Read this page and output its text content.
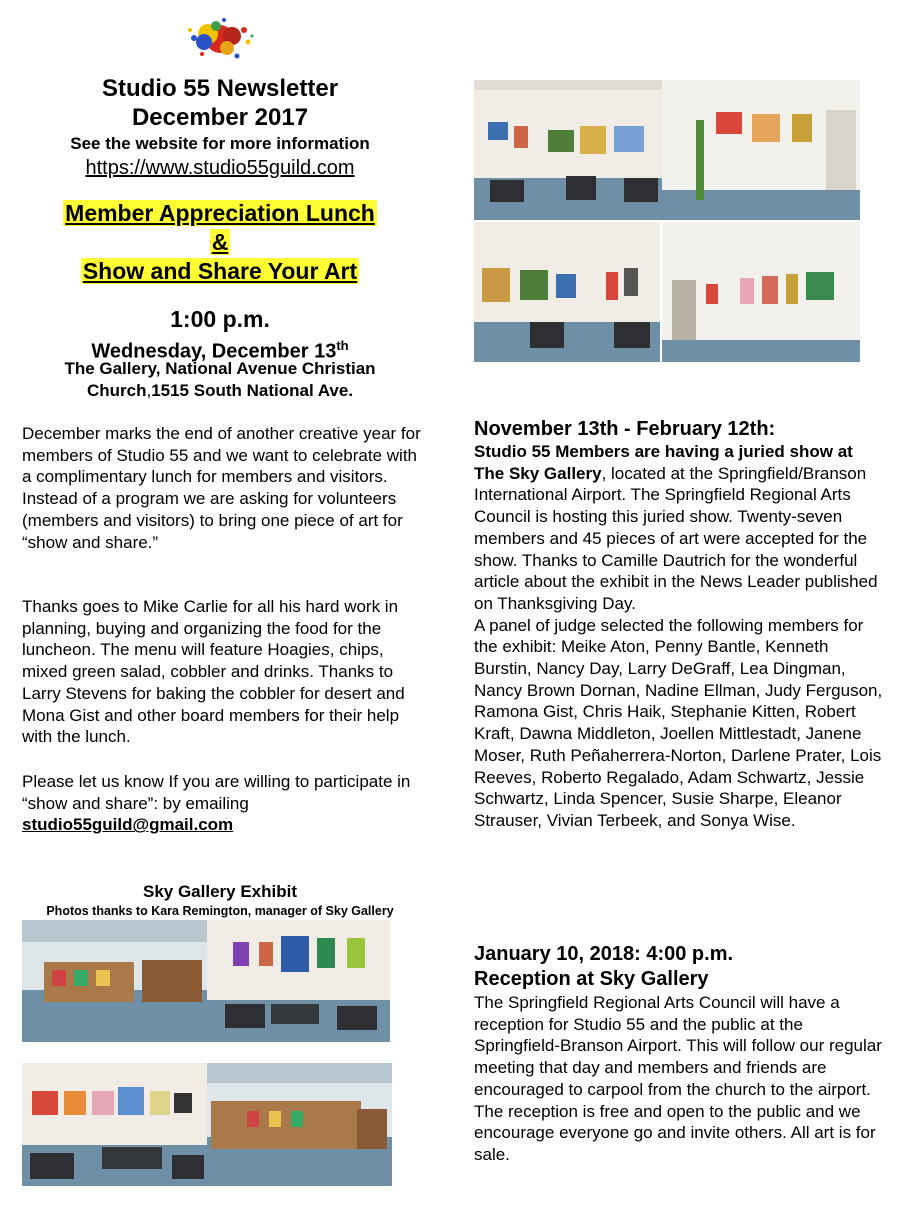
Studio 55 Newsletter
December 2017
See the website for more information
https://www.studio55guild.com
Member Appreciation Lunch
&
Show and Share Your Art
1:00 p.m.
Wednesday, December 13th
The Gallery, National Avenue Christian
Church,1515 South National Ave.

December marks the end of another creative year for members of Studio 55 and we want to celebrate with a complimentary lunch for members and visitors. Instead of a program we are asking for volunteers (members and visitors) to bring one piece of art for “show and share.”

Thanks goes to Mike Carlie for all his hard work in planning, buying and organizing the food for the luncheon. The menu will feature Hoagies, chips, mixed green salad, cobbler and drinks. Thanks to Larry Stevens for baking the cobbler for desert and Mona Gist and other board members for their help with the lunch.

Please let us know If you are willing to participate in “show and share”: by emailing

studio55guild@gmail.com
Sky Gallery Exhibit
Photos thanks to Kara Remington, manager of Sky Gallery
November 13th - February 12th:

Studio 55 Members are having a juried show at The Sky Gallery, located at the Springfield/Branson International Airport. The Springfield Regional Arts Council is hosting this juried show. Twenty-seven members and 45 pieces of art were accepted for the show. Thanks to Camille Dautrich for the wonderful article about the exhibit in the News Leader published on Thanksgiving Day.

A panel of judge selected the following members for the exhibit: Meike Aton, Penny Bantle, Kenneth Burstin, Nancy Day, Larry DeGraff, Lea Dingman, Nancy Brown Dornan, Nadine Ellman, Judy Ferguson, Ramona Gist, Chris Haik, Stephanie Kitten, Robert Kraft, Dawna Middleton, Joellen Mittlestadt, Janene Moser, Ruth Peñaherrera-Norton, Darlene Prater, Lois Reeves, Roberto Regalado, Adam Schwartz, Jessie Schwartz, Linda Spencer, Susie Sharpe, Eleanor Strauser, Vivian Terbeek, and Sonya Wise.

January 10, 2018: 4:00 p.m.
Reception at Sky Gallery

The Springfield Regional Arts Council will have a reception for Studio 55 and the public at the Springfield-Branson Airport. This will follow our regular meeting that day and members and friends are encouraged to carpool from the church to the airport. The reception is free and open to the public and we encourage everyone go and invite others. All art is for sale.
